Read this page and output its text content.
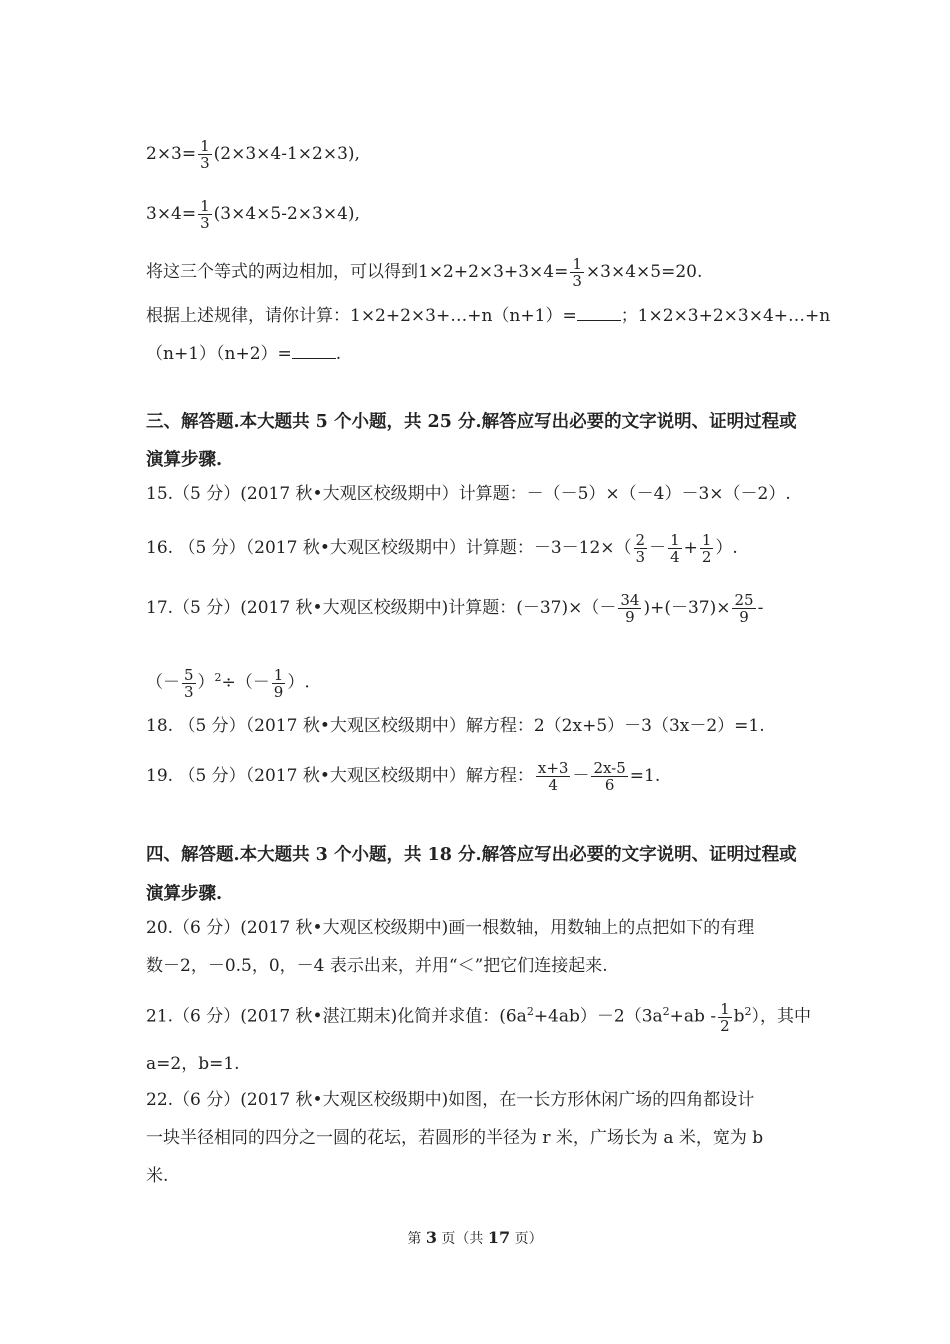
$2\times 3= \frac{1}{3} (2\times 3\times 4-1\times 2\times 3)$,
$3\times 4= \frac{1}{3} (3\times 4\times 5-2\times 3\times 4)$,
将这三个等式的两边相加，可以得到$1\times 2+2\times 3+3\times 4= \frac{1}{3} \times 3\times 4\times 5=20$.
根据上述规律，请你计算：1×2+2×3+…+n（n+1）=	；1×2×3+2×3×4+…+n
（n+1）（n+2）=	.
三、解答题.本大题共 5 个小题，共 25 分.解答应写出必要的文字说明、证明过程或
演算步骤.
15.（5 分）(2017 秋•大观区校级期中）计算题：－（－5）×（－4）－3×（－2）.
16. （5 分）（2017 秋•大观区校级期中）计算题：$-3-12\times( \frac{2}{3} - \frac{1}{4} + \frac{1}{2}$ ）.
17.（5 分）(2017 秋•大观区校级期中)计算题：$(-37)\times(- \frac{34}{9} )+(-37)\times \frac{25}{9}$ -
（－ $\frac{5}{3} )^2\div(- \frac{1}{9}$ ）.
18. （5 分）（2017 秋•大观区校级期中）解方程：2（2x+5）－3（3x－2）=1.
19. （5 分）（2017 秋•大观区校级期中）解方程： $\frac{x+3}{4} - \frac{2x-5}{6} =1$.
四、解答题.本大题共 3 个小题，共 18 分.解答应写出必要的文字说明、证明过程或
演算步骤.
20.（6 分）(2017 秋•大观区校级期中)画一根数轴，用数轴上的点把如下的有理
数－2，－0.5，0，－4 表示出来，并用“＜”把它们连接起来.
21.（6 分）(2017 秋•湛江期末)化简并求值：$(6a^2+4ab)-2(3a^2+ab - \frac{1}{2} b^2)$，其中
a=2，b=1.
22.（6 分）(2017 秋•大观区校级期中)如图，在一长方形休闲广场的四角都设计
一块半径相同的四分之一圆的花坛，若圆形的半径为 r 米，广场长为 a 米，宽为 b
米.
第 3 页（共 17 页）
